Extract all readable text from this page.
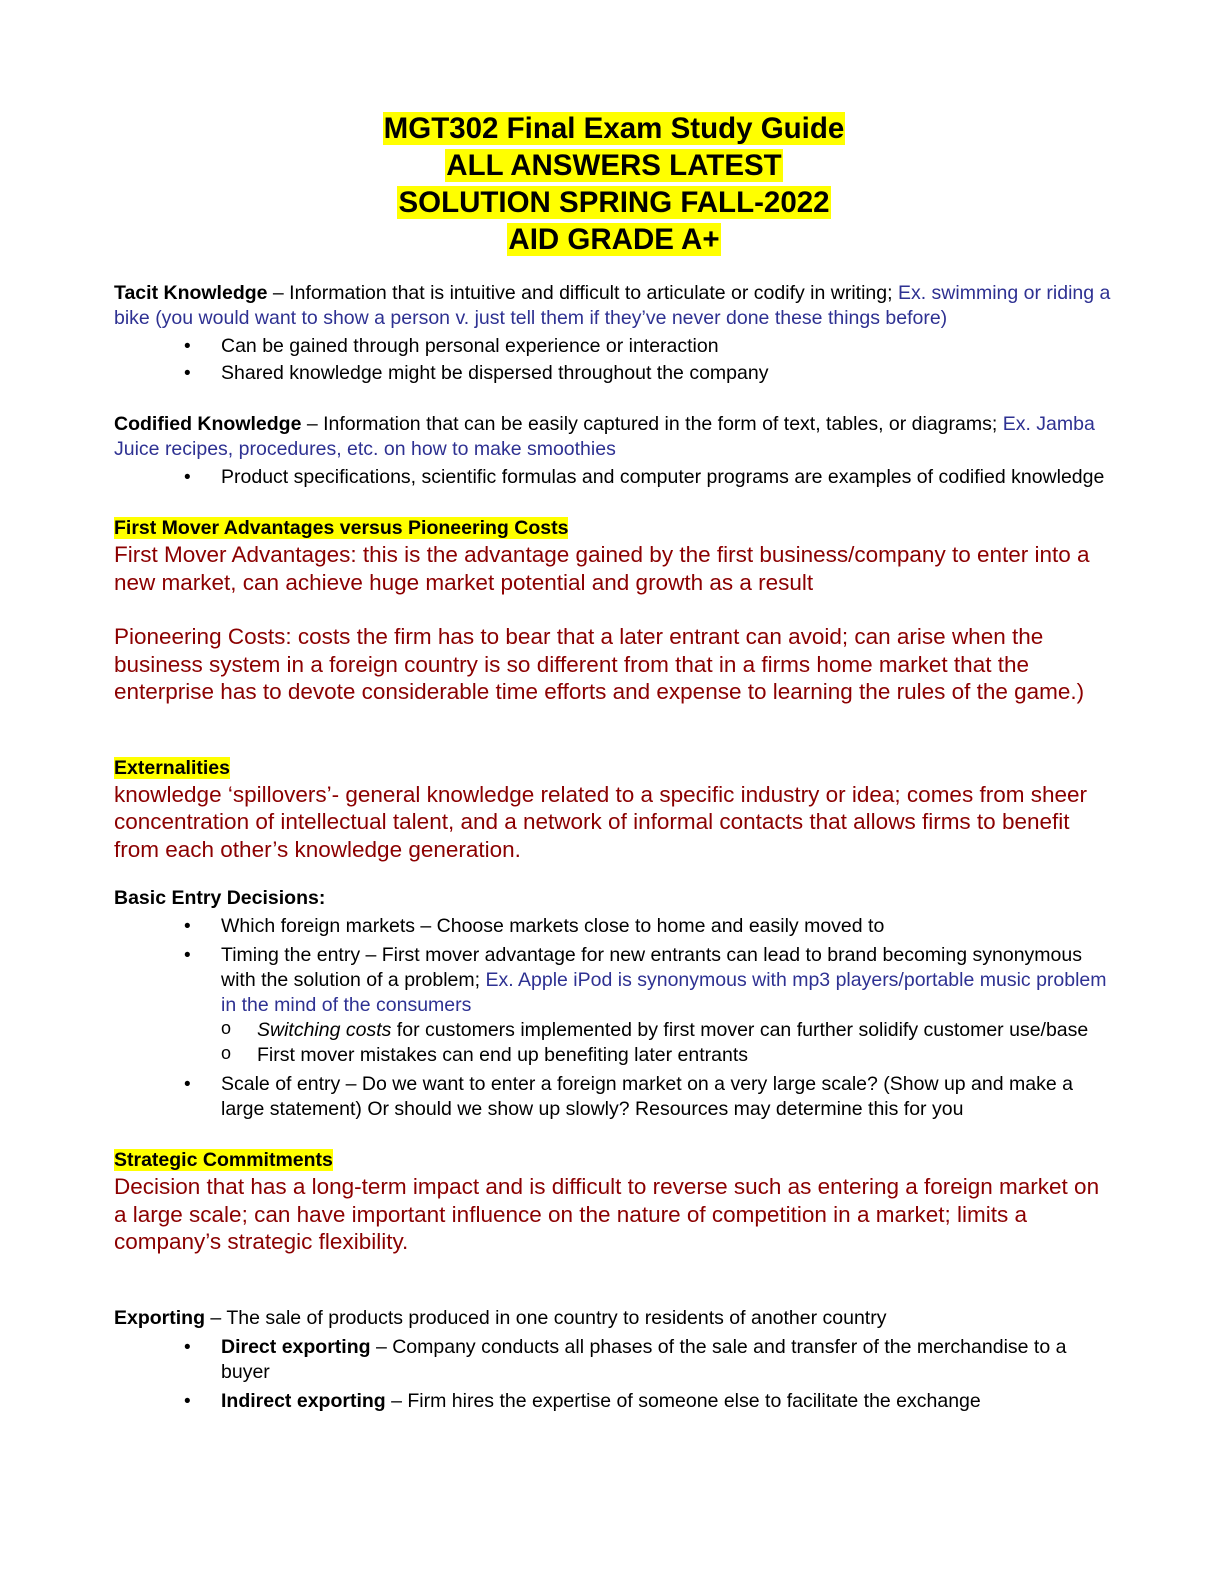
MGT302 Final Exam Study Guide
ALL ANSWERS LATEST
SOLUTION SPRING FALL-2022
AID GRADE A+
Tacit Knowledge – Information that is intuitive and difficult to articulate or codify in writing; Ex. swimming or riding a bike (you would want to show a person v. just tell them if they’ve never done these things before)
• Can be gained through personal experience or interaction
• Shared knowledge might be dispersed throughout the company
Codified Knowledge – Information that can be easily captured in the form of text, tables, or diagrams; Ex. Jamba Juice recipes, procedures, etc. on how to make smoothies
• Product specifications, scientific formulas and computer programs are examples of codified knowledge
First Mover Advantages versus Pioneering Costs
First Mover Advantages: this is the advantage gained by the first business/company to enter into a new market, can achieve huge market potential and growth as a result
Pioneering Costs: costs the firm has to bear that a later entrant can avoid; can arise when the business system in a foreign country is so different from that in a firms home market that the enterprise has to devote considerable time efforts and expense to learning the rules of the game.)
Externalities
knowledge ‘spillovers’- general knowledge related to a specific industry or idea; comes from sheer concentration of intellectual talent, and a network of informal contacts that allows firms to benefit from each other’s knowledge generation.
Basic Entry Decisions:
• Which foreign markets – Choose markets close to home and easily moved to
• Timing the entry – First mover advantage for new entrants can lead to brand becoming synonymous with the solution of a problem; Ex. Apple iPod is synonymous with mp3 players/portable music problem in the mind of the consumers
o Switching costs for customers implemented by first mover can further solidify customer use/base
o First mover mistakes can end up benefiting later entrants
• Scale of entry – Do we want to enter a foreign market on a very large scale? (Show up and make a large statement) Or should we show up slowly? Resources may determine this for you
Strategic Commitments
Decision that has a long-term impact and is difficult to reverse such as entering a foreign market on a large scale; can have important influence on the nature of competition in a market; limits a company’s strategic flexibility.
Exporting – The sale of products produced in one country to residents of another country
• Direct exporting – Company conducts all phases of the sale and transfer of the merchandise to a buyer
• Indirect exporting – Firm hires the expertise of someone else to facilitate the exchange
